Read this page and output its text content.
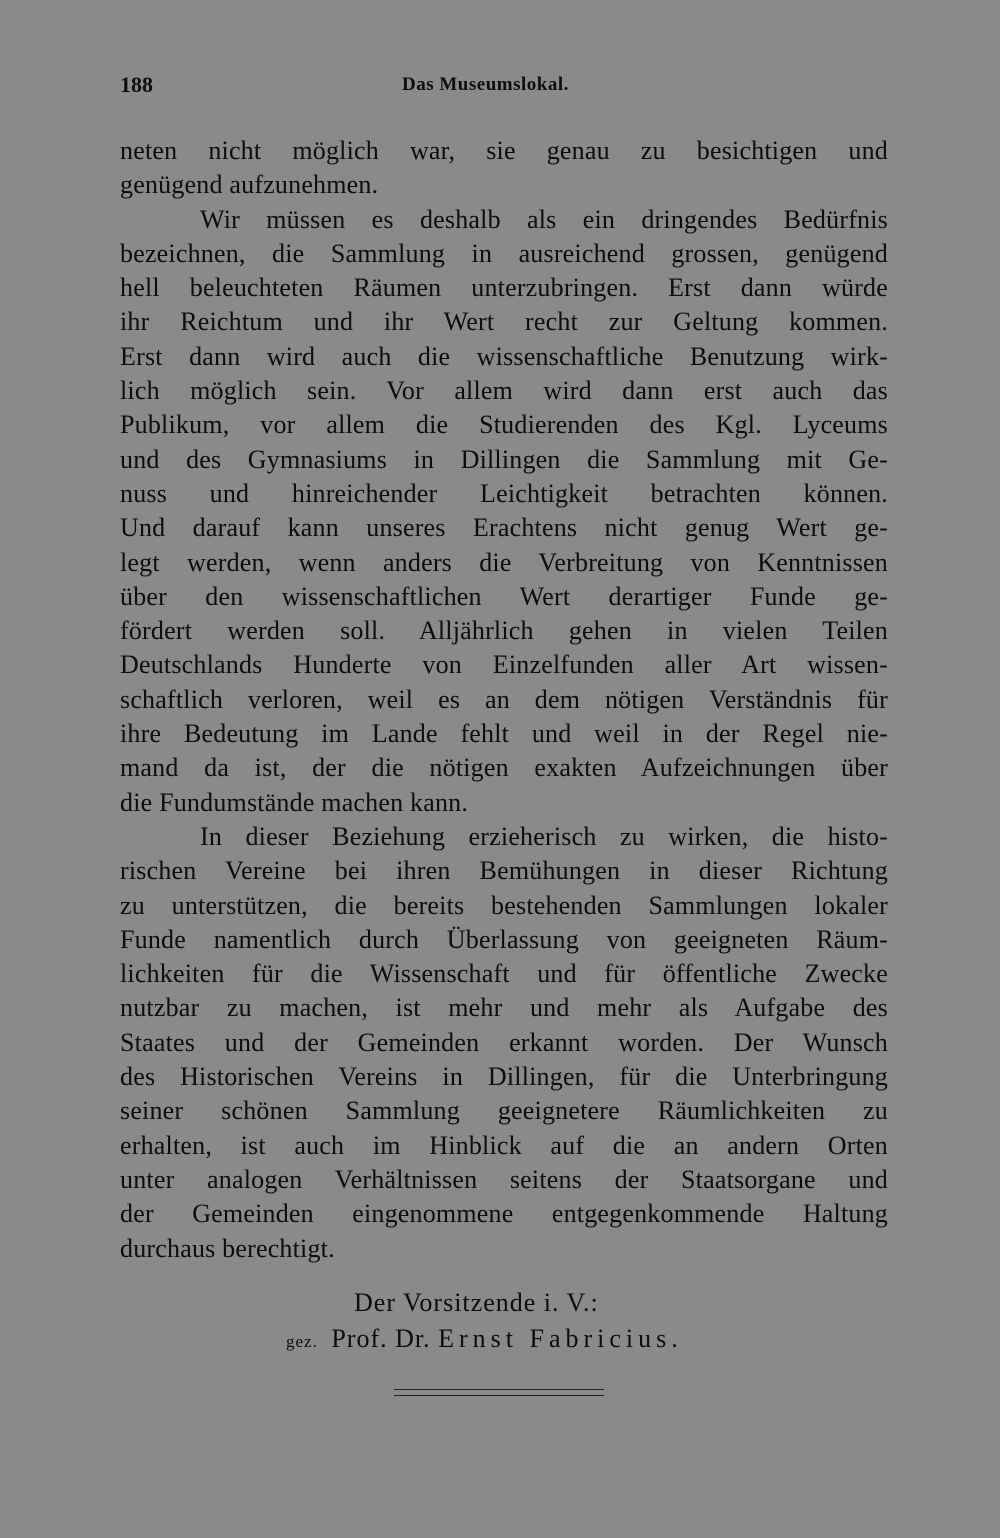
188	Das Museumslokal.
neten nicht möglich war, sie genau zu besichtigen und
genügend aufzunehmen.
Wir müssen es deshalb als ein dringendes Bedürfnis
bezeichnen, die Sammlung in ausreichend grossen, genügend
hell beleuchteten Räumen unterzubringen. Erst dann würde
ihr Reichtum und ihr Wert recht zur Geltung kommen.
Erst dann wird auch die wissenschaftliche Benutzung wirk-
lich möglich sein. Vor allem wird dann erst auch das
Publikum, vor allem die Studierenden des Kgl. Lyceums
und des Gymnasiums in Dillingen die Sammlung mit Ge-
nuss und hinreichender Leichtigkeit betrachten können.
Und darauf kann unseres Erachtens nicht genug Wert ge-
legt werden, wenn anders die Verbreitung von Kenntnissen
über den wissenschaftlichen Wert derartiger Funde ge-
fördert werden soll. Alljährlich gehen in vielen Teilen
Deutschlands Hunderte von Einzelfunden aller Art wissen-
schaftlich verloren, weil es an dem nötigen Verständnis für
ihre Bedeutung im Lande fehlt und weil in der Regel nie-
mand da ist, der die nötigen exakten Aufzeichnungen über
die Fundumstände machen kann.
In dieser Beziehung erzieherisch zu wirken, die histo-
rischen Vereine bei ihren Bemühungen in dieser Richtung
zu unterstützen, die bereits bestehenden Sammlungen lokaler
Funde namentlich durch Überlassung von geeigneten Räum-
lichkeiten für die Wissenschaft und für öffentliche Zwecke
nutzbar zu machen, ist mehr und mehr als Aufgabe des
Staates und der Gemeinden erkannt worden. Der Wunsch
des Historischen Vereins in Dillingen, für die Unterbringung
seiner schönen Sammlung geeignetere Räumlichkeiten zu
erhalten, ist auch im Hinblick auf die an andern Orten
unter analogen Verhältnissen seitens der Staatsorgane und
der Gemeinden eingenommene entgegenkommende Haltung
durchaus berechtigt.
Der Vorsitzende i. V.:
gez. Prof. Dr. Ernst Fabricius.
